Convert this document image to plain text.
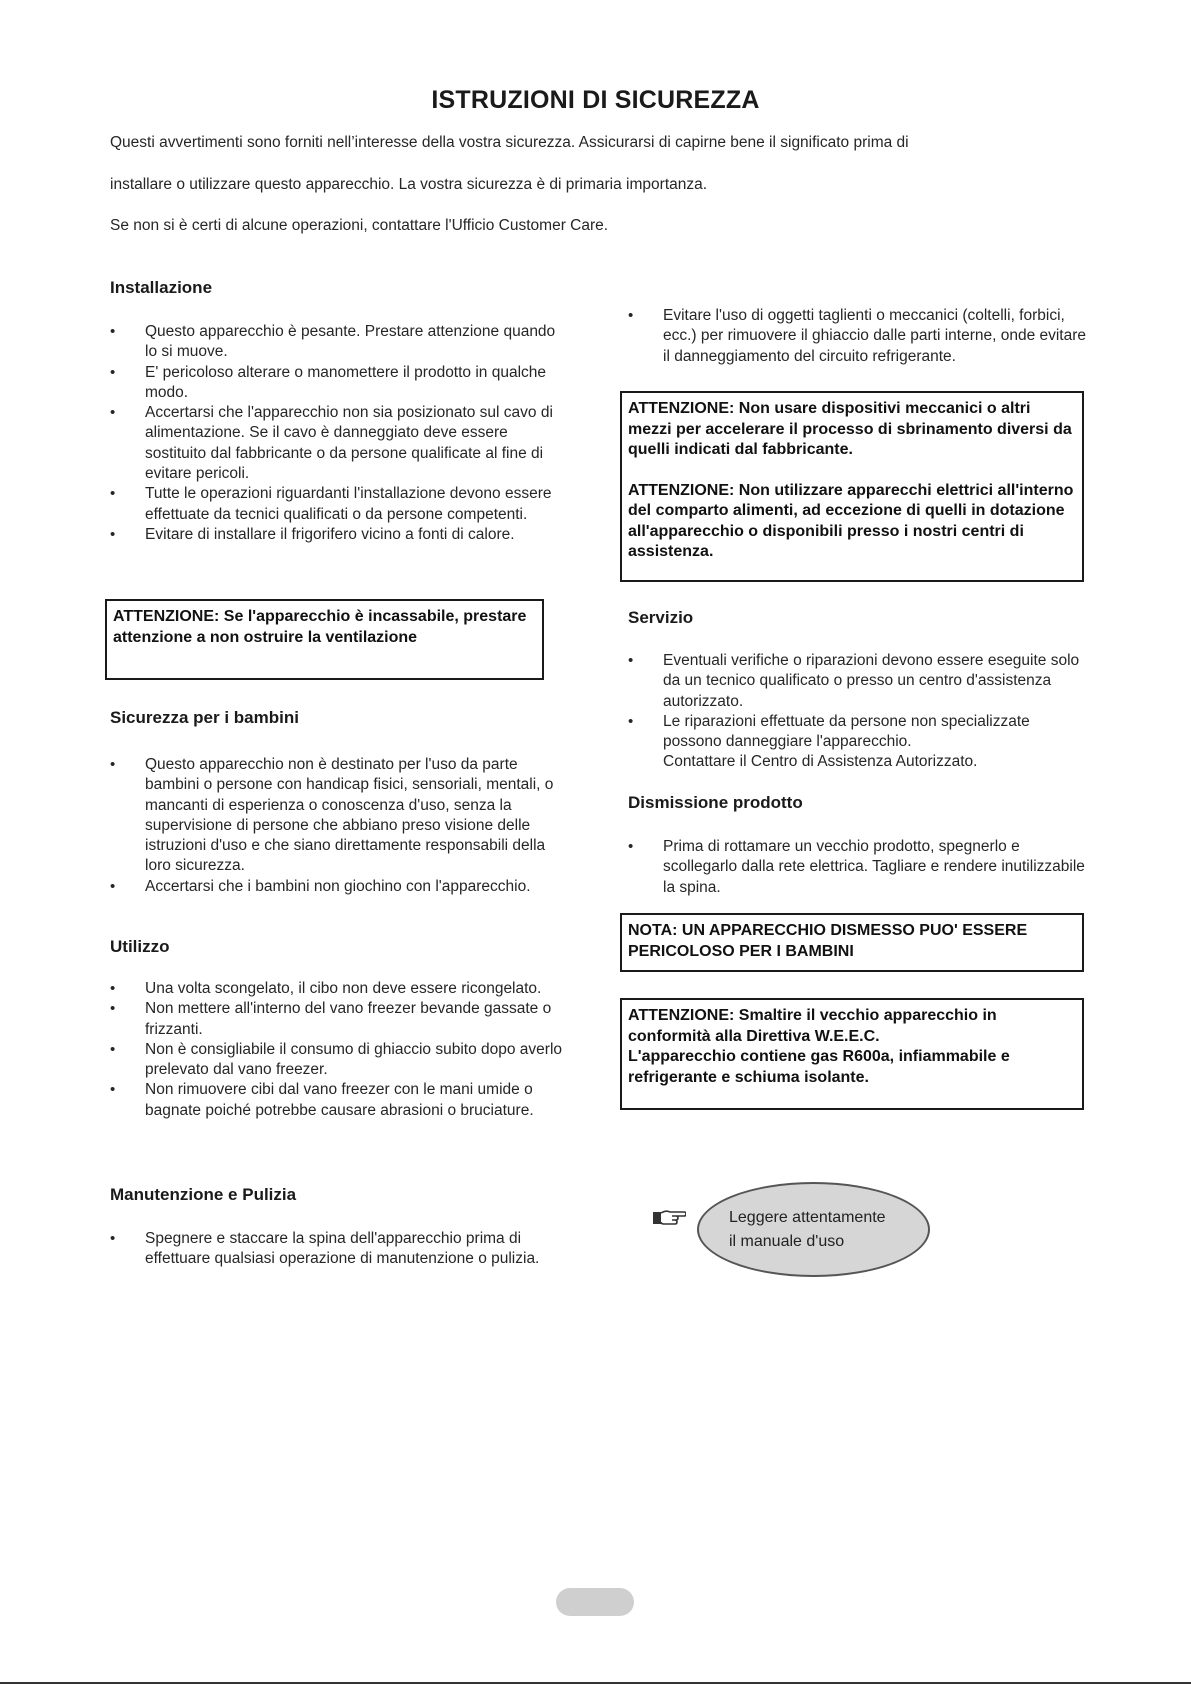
ISTRUZIONI DI SICUREZZA
Questi avvertimenti sono forniti nell’interesse della vostra sicurezza. Assicurarsi di capirne bene il significato prima di
installare o utilizzare questo apparecchio. La vostra sicurezza è di primaria importanza.
Se non si è certi di alcune operazioni, contattare l'Ufficio Customer Care.
Installazione
• Questo apparecchio è pesante. Prestare attenzione quando lo si muove.
• E' pericoloso alterare o manomettere il prodotto in qualche modo.
• Accertarsi che l'apparecchio non sia posizionato sul cavo di alimentazione. Se il cavo è danneggiato deve essere sostituito dal fabbricante o da persone qualificate al fine di evitare pericoli.
• Tutte le operazioni riguardanti l'installazione devono essere effettuate da tecnici qualificati o da persone competenti.
• Evitare di installare il frigorifero vicino a fonti di calore.
ATTENZIONE: Se l'apparecchio è incassabile, prestare attenzione a non ostruire la ventilazione
Sicurezza per i bambini
• Questo apparecchio non è destinato per l'uso da parte bambini o persone con handicap fisici, sensoriali, mentali, o mancanti di esperienza o conoscenza d'uso, senza la supervisione di persone che abbiano preso visione delle istruzioni d'uso e che siano direttamente responsabili della loro sicurezza.
• Accertarsi che i bambini non giochino con l'apparecchio.
Utilizzo
• Una volta scongelato, il cibo non deve essere ricongelato.
• Non mettere all'interno del vano freezer bevande gassate o frizzanti.
• Non è consigliabile il consumo di ghiaccio subito dopo averlo prelevato dal vano freezer.
• Non rimuovere cibi dal vano freezer con le mani umide o bagnate poiché potrebbe causare abrasioni o bruciature.
Manutenzione e Pulizia
• Spegnere e staccare la spina dell'apparecchio prima di effettuare qualsiasi operazione di manutenzione o pulizia.
• Evitare l'uso di oggetti taglienti o meccanici (coltelli, forbici, ecc.) per rimuovere il ghiaccio dalle parti interne, onde evitare il danneggiamento del circuito refrigerante.

ATTENZIONE: Non usare dispositivi meccanici o altri mezzi per accelerare il processo di sbrinamento diversi da quelli indicati dal fabbricante.

ATTENZIONE: Non utilizzare apparecchi elettrici all'interno del comparto alimenti, ad eccezione di quelli in dotazione all'apparecchio o disponibili presso i nostri centri di assistenza.

Servizio
• Eventuali verifiche o riparazioni devono essere eseguite solo da un tecnico qualificato o presso un centro d'assistenza autorizzato.
• Le riparazioni effettuate da persone non specializzate possono danneggiare l'apparecchio.
Contattare il Centro di Assistenza Autorizzato.
Dismissione prodotto
• Prima di rottamare un vecchio prodotto, spegnerlo e scollegarlo dalla rete elettrica. Tagliare e rendere inutilizzabile la spina.
NOTA: UN APPARECCHIO DISMESSO PUO' ESSERE PERICOLOSO PER I BAMBINI
ATTENZIONE: Smaltire il vecchio apparecchio in conformità alla Direttiva W.E.E.C.
L'apparecchio contiene gas R600a, infiammabile e refrigerante e schiuma isolante.
Leggere attentamente
il manuale d'uso
